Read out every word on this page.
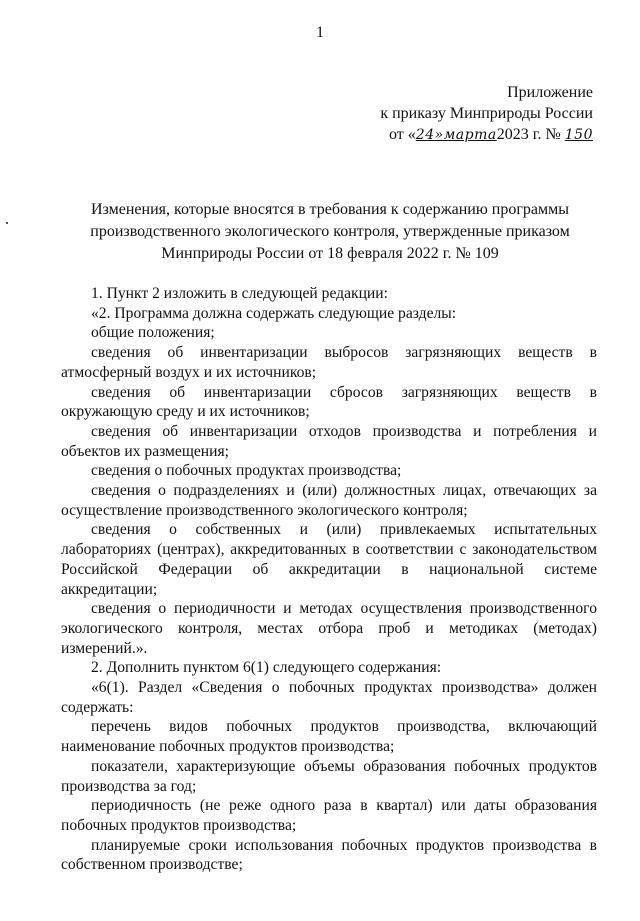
1
Приложение
к приказу Минприроды России
от «24»марта2023 г. № 150
Изменения, которые вносятся в требования к содержанию программы
производственного экологического контроля, утвержденные приказом
Минприроды России от 18 февраля 2022 г. № 109

1. Пункт 2 изложить в следующей редакции:

«2. Программа должна содержать следующие разделы:

общие положения;

сведения об инвентаризации выбросов загрязняющих веществ в атмосферный воздух и их источников;

сведения об инвентаризации сбросов загрязняющих веществ в окружающую среду и их источников;

сведения об инвентаризации отходов производства и потребления и объектов их размещения;

сведения о побочных продуктах производства;

сведения о подразделениях и (или) должностных лицах, отвечающих за осуществление производственного экологического контроля;

сведения о собственных и (или) привлекаемых испытательных лабораториях (центрах), аккредитованных в соответствии с законодательством Российской Федерации об аккредитации в национальной системе аккредитации;

сведения о периодичности и методах осуществления производственного экологического контроля, местах отбора проб и методиках (методах) измерений.».

2. Дополнить пунктом 6(1) следующего содержания:

«6(1). Раздел «Сведения о побочных продуктах производства» должен содержать:

перечень видов побочных продуктов производства, включающий наименование побочных продуктов производства;

показатели, характеризующие объемы образования побочных продуктов производства за год;

периодичность (не реже одного раза в квартал) или даты образования побочных продуктов производства;

планируемые сроки использования побочных продуктов производства в собственном производстве;
